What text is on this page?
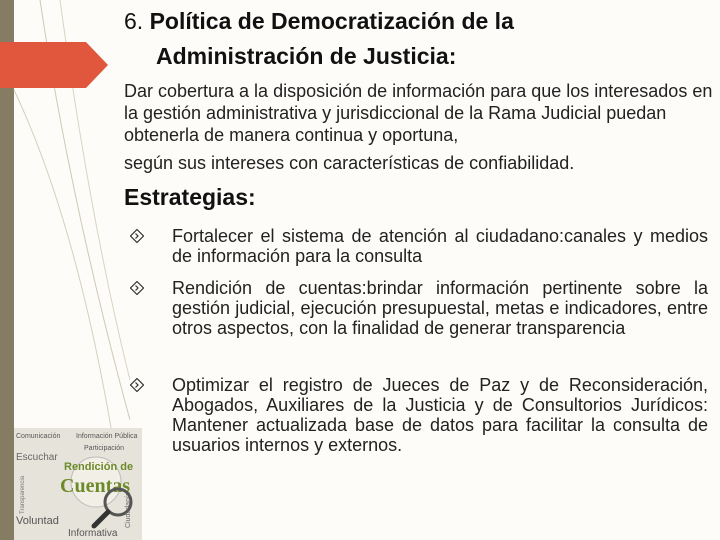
6. Política de Democratización de la
Administración de Justicia:
Dar cobertura a la disposición de información para que los interesados en la gestión administrativa y jurisdiccional de la Rama Judicial puedan obtenerla de manera continua y oportuna,
según sus intereses con características de confiabilidad.
Estrategias:
Fortalecer el sistema de atención al ciudadano:canales y medios de información para la consulta
Rendición de cuentas:brindar información pertinente sobre la gestión judicial, ejecución presupuestal, metas e indicadores, entre otros aspectos, con la finalidad de generar transparencia
Optimizar el registro de Jueces de Paz y de Reconsideración, Abogados, Auxiliares de la Justicia y de Consultorios Jurídicos: Mantener actualizada base de datos para facilitar la consulta de usuarios internos y externos.
Comunicación Información Pública
Escuchar
Participación
Transparencia	Ciudadanía
Rendición de
Cuentas
Voluntad
Informativa
